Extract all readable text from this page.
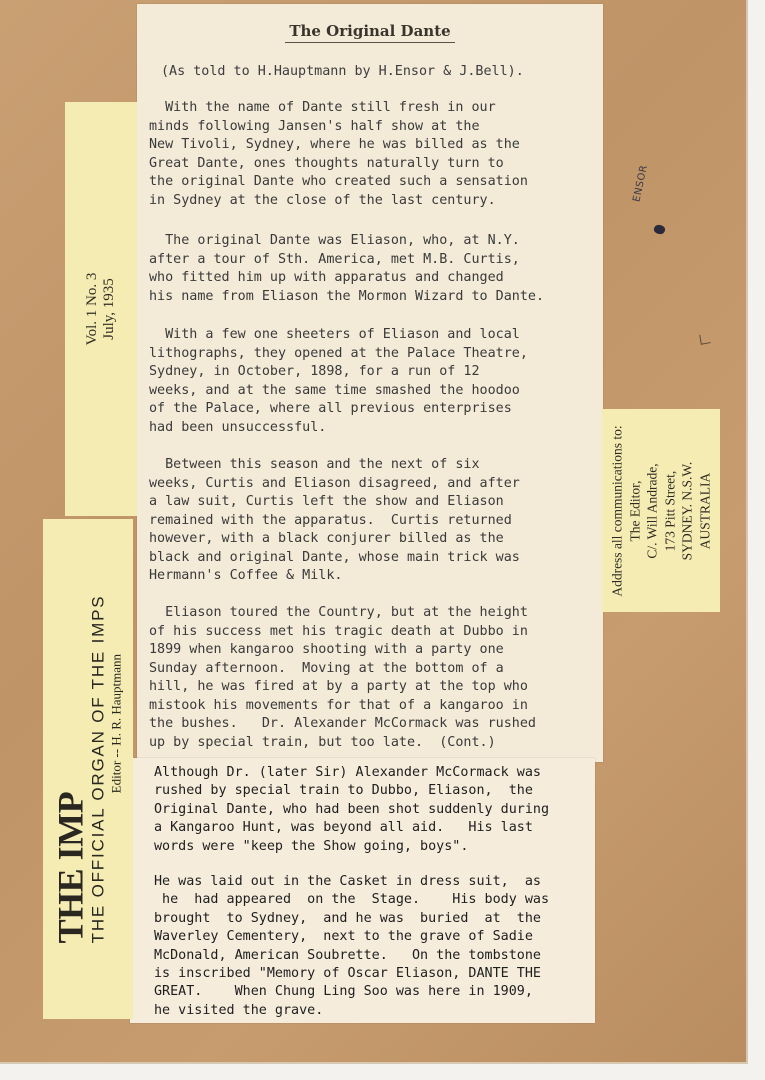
The Original Dante
(As told to H.Hauptmann by H.Ensor & J.Bell).
With the name of Dante still fresh in our
minds following Jansen's half show at the
New Tivoli, Sydney, where he was billed as the
Great Dante, ones thoughts naturally turn to
the original Dante who created such a sensation
in Sydney at the close of the last century.
The original Dante was Eliason, who, at N.Y.
after a tour of Sth. America, met M.B. Curtis,
who fitted him up with apparatus and changed
his name from Eliason the Mormon Wizard to Dante.
With a few one sheeters of Eliason and local
lithographs, they opened at the Palace Theatre,
Sydney, in October, 1898, for a run of 12
weeks, and at the same time smashed the hoodoo
of the Palace, where all previous enterprises
had been unsuccessful.
Between this season and the next of six
weeks, Curtis and Eliason disagreed, and after
a law suit, Curtis left the show and Eliason
remained with the apparatus.  Curtis returned
however, with a black conjurer billed as the
black and original Dante, whose main trick was
Hermann's Coffee & Milk.
Eliason toured the Country, but at the height
of his success met his tragic death at Dubbo in
1899 when kangaroo shooting with a party one
Sunday afternoon.  Moving at the bottom of a
hill, he was fired at by a party at the top who
mistook his movements for that of a kangaroo in
the bushes.   Dr. Alexander McCormack was rushed
up by special train, but too late.  (Cont.)
Although Dr. (later Sir) Alexander McCormack was
rushed by special train to Dubbo, Eliason,  the
Original Dante, who had been shot suddenly during
a Kangaroo Hunt, was beyond all aid.   His last
words were "keep the Show going, boys".
He was laid out in the Casket in dress suit,  as
he  had appeared  on the  Stage.    His body was
brought  to Sydney,  and he was  buried  at  the
Waverley Cementery,  next to the grave of Sadie
McDonald, American Soubrette.   On the tombstone
is inscribed "Memory of Oscar Eliason, DANTE THE
GREAT.    When Chung Ling Soo was here in 1909,
he visited the grave.
Vol. 1 No. 3 July, 1935
THE IMP
THE OFFICIAL ORGAN OF THE IMPS Editor -- H. R. Hauptmann
Address all communications to: The Editor, C/. Will Andrade, 173 Pitt Street, SYDNEY. N.S.W. AUSTRALIA
ENSOR
